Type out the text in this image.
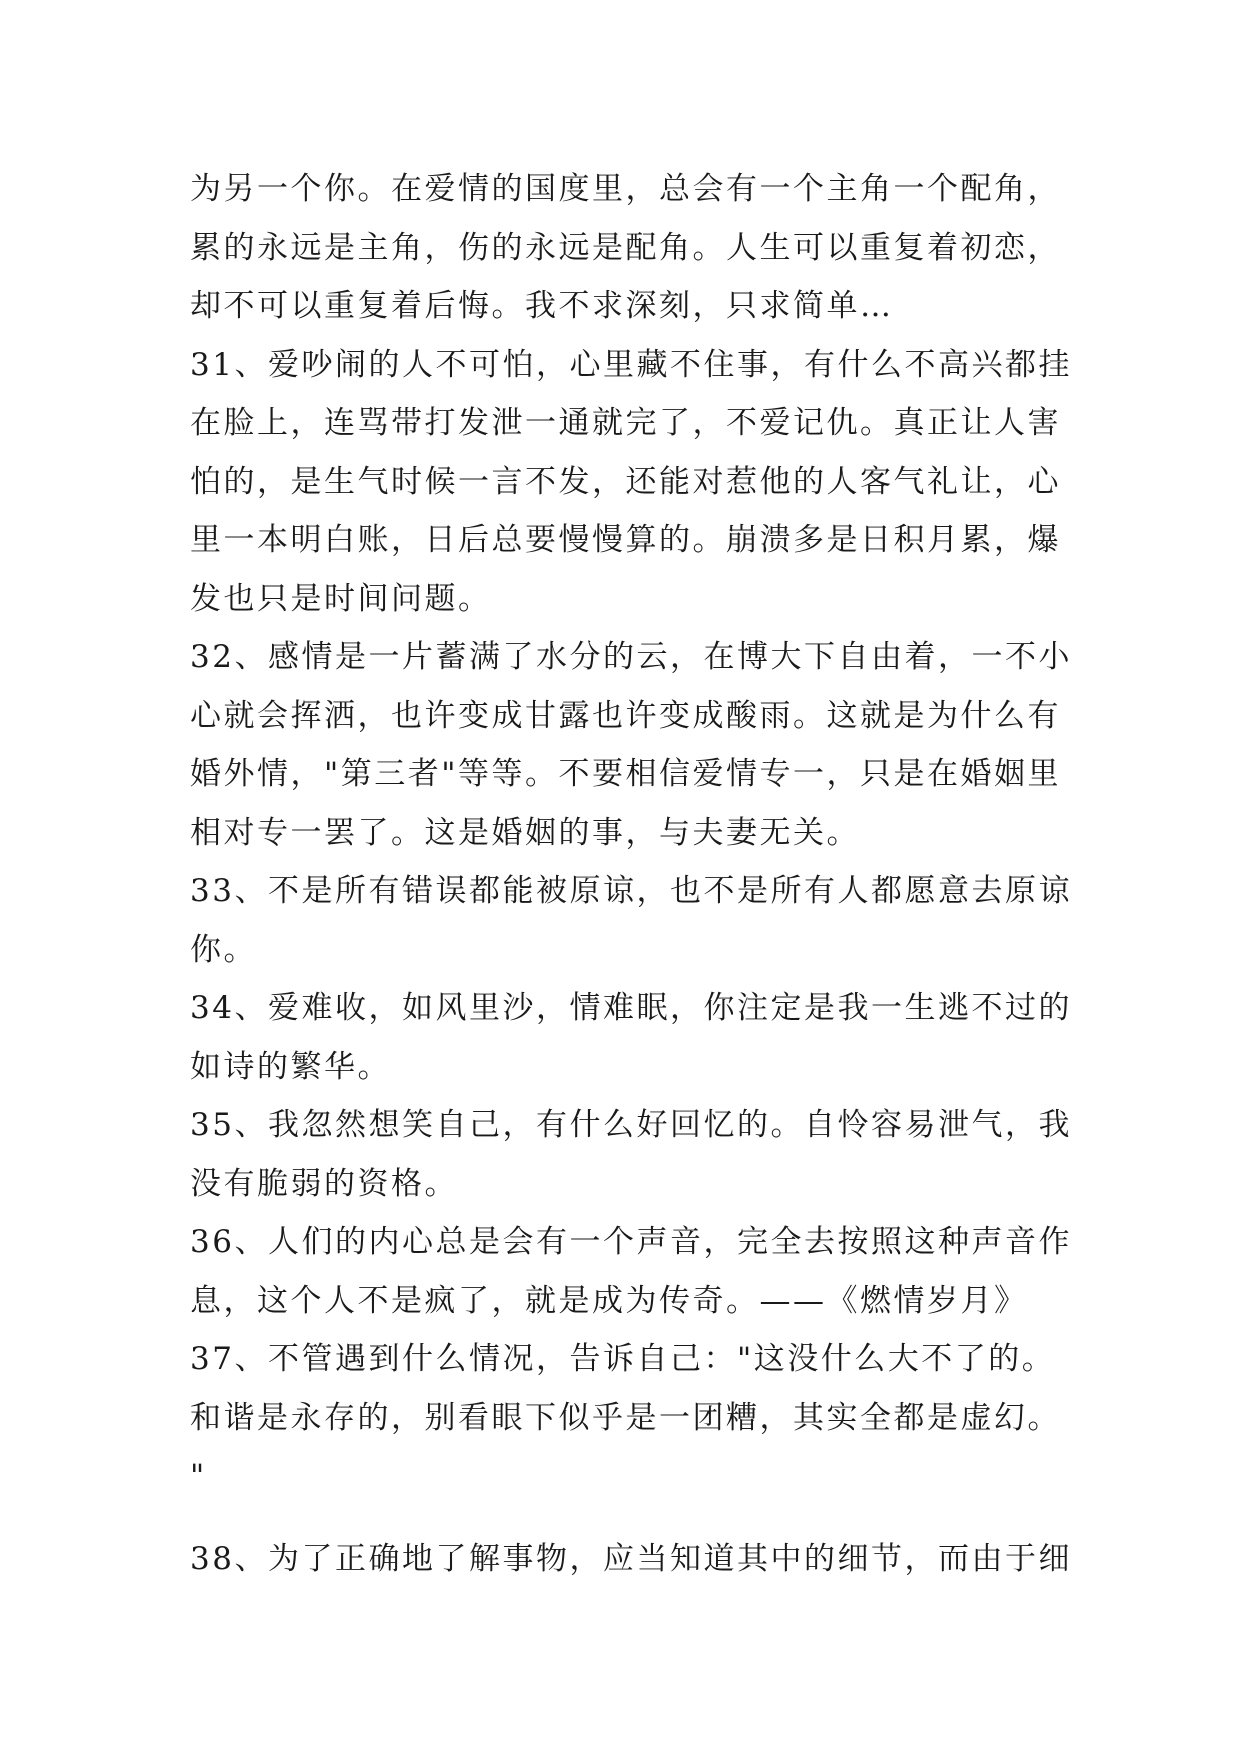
为另一个你。在爱情的国度里，总会有一个主角一个配角，
累的永远是主角，伤的永远是配角。人生可以重复着初恋，
却不可以重复着后悔。我不求深刻，只求简单…
31、爱吵闹的人不可怕，心里藏不住事，有什么不高兴都挂
在脸上，连骂带打发泄一通就完了，不爱记仇。真正让人害
怕的，是生气时候一言不发，还能对惹他的人客气礼让，心
里一本明白账，日后总要慢慢算的。崩溃多是日积月累，爆
发也只是时间问题。
32、感情是一片蓄满了水分的云，在博大下自由着，一不小
心就会挥洒，也许变成甘露也许变成酸雨。这就是为什么有
婚外情，"第三者"等等。不要相信爱情专一，只是在婚姻里
相对专一罢了。这是婚姻的事，与夫妻无关。
33、不是所有错误都能被原谅，也不是所有人都愿意去原谅
你。
34、爱难收，如风里沙，情难眠，你注定是我一生逃不过的
如诗的繁华。
35、我忽然想笑自己，有什么好回忆的。自怜容易泄气，我
没有脆弱的资格。
36、人们的内心总是会有一个声音，完全去按照这种声音作
息，这个人不是疯了，就是成为传奇。——《燃情岁月》
37、不管遇到什么情况，告诉自己："这没什么大不了的。
和谐是永存的，别看眼下似乎是一团糟，其实全都是虚幻。
"
38、为了正确地了解事物，应当知道其中的细节，而由于细
